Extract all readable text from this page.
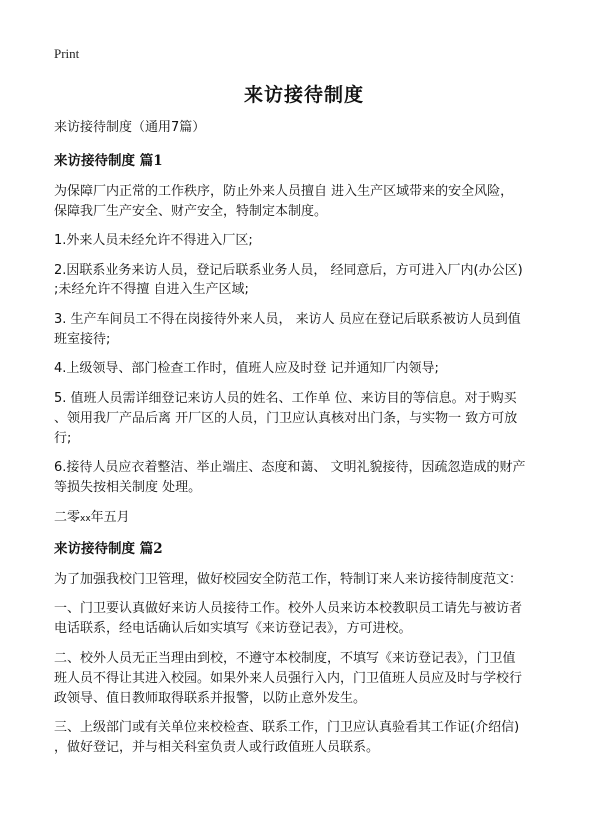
Print
来访接待制度
来访接待制度（通用7篇）
来访接待制度 篇1
为保障厂内正常的工作秩序，防止外来人员擅自 进入生产区域带来的安全风险，
保障我厂生产安全、财产安全，特制定本制度。
1.外来人员未经允许不得进入厂区;
2.因联系业务来访人员，登记后联系业务人员， 经同意后，方可进入厂内(办公区)
;未经允许不得擅 自进入生产区域;
3. 生产车间员工不得在岗接待外来人员， 来访人 员应在登记后联系被访人员到值
班室接待;
4.上级领导、部门检查工作时，值班人应及时登 记并通知厂内领导;
5. 值班人员需详细登记来访人员的姓名、工作单 位、来访目的等信息。对于购买
、领用我厂产品后离 开厂区的人员，门卫应认真核对出门条，与实物一 致方可放
行;
6.接待人员应衣着整洁、举止端庄、态度和蔼、 文明礼貌接待，因疏忽造成的财产
等损失按相关制度 处理。
二零xx年五月
来访接待制度 篇2
为了加强我校门卫管理，做好校园安全防范工作，特制订来人来访接待制度范文：
一、门卫要认真做好来访人员接待工作。校外人员来访本校教职员工请先与被访者
电话联系，经电话确认后如实填写《来访登记表》，方可进校。
二、校外人员无正当理由到校，不遵守本校制度，不填写《来访登记表》，门卫值
班人员不得让其进入校园。如果外来人员强行入内，门卫值班人员应及时与学校行
政领导、值日教师取得联系并报警，以防止意外发生。
三、上级部门或有关单位来校检查、联系工作，门卫应认真验看其工作证(介绍信)
，做好登记，并与相关科室负责人或行政值班人员联系。
